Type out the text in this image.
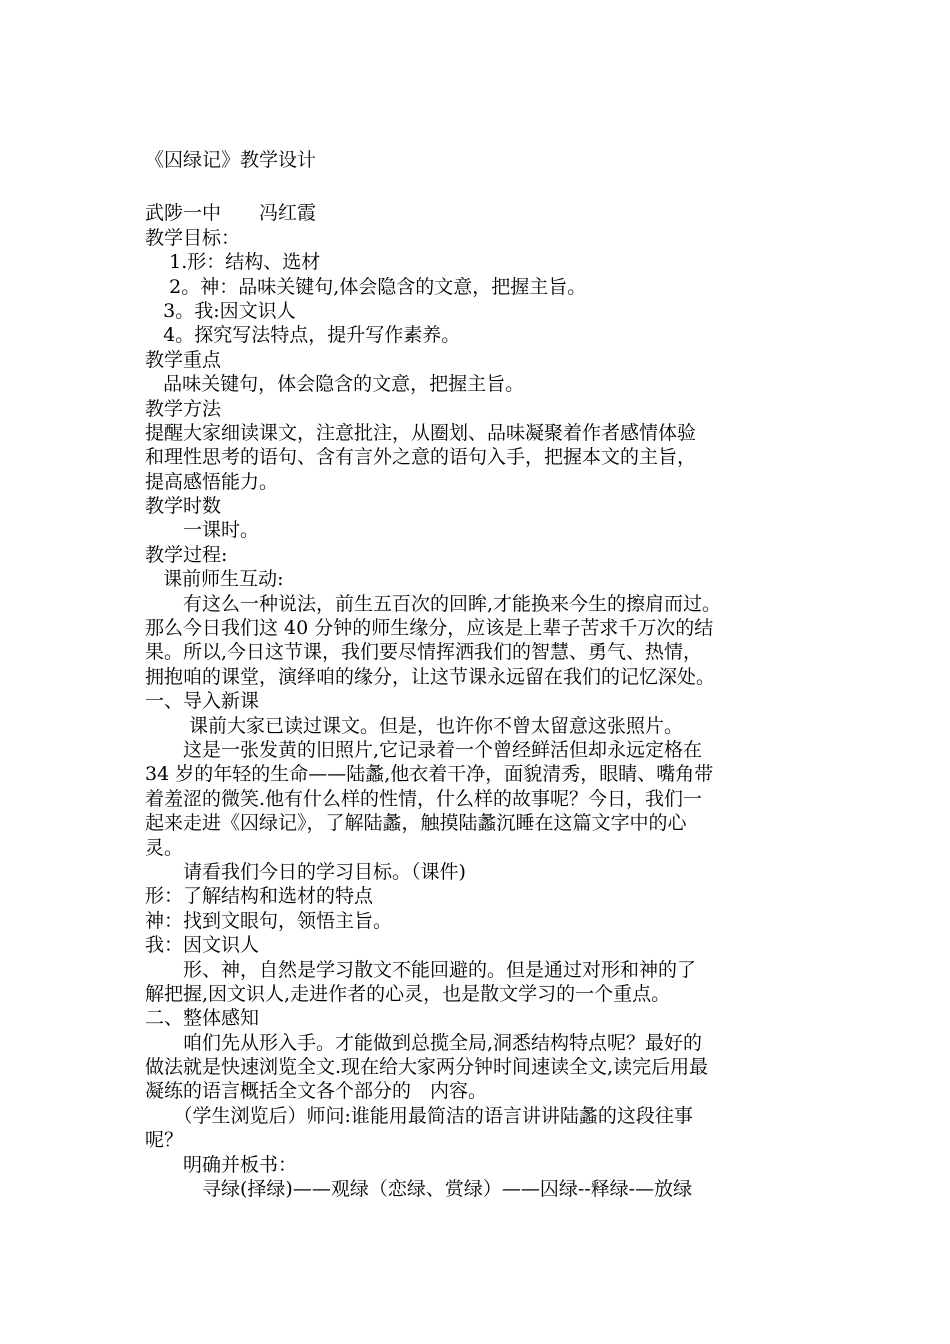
《囚绿记》教学设计
武陟一中　　冯红霞
教学目标：
1.形：结构、选材
2。神：品味关键句,体会隐含的文意，把握主旨。
3。我:因文识人
4。探究写法特点，提升写作素养。
教学重点
品味关键句，体会隐含的文意，把握主旨。
教学方法
提醒大家细读课文，注意批注，从圈划、品味凝聚着作者感情体验
和理性思考的语句、含有言外之意的语句入手，把握本文的主旨，
提高感悟能力。
教学时数
　　一课时。
教学过程:
课前师生互动:
　　有这么一种说法，前生五百次的回眸,才能换来今生的擦肩而过。
那么今日我们这 40 分钟的师生缘分，应该是上辈子苦求千万次的结
果。所以,今日这节课，我们要尽情挥洒我们的智慧、勇气、热情，
拥抱咱的课堂，演绎咱的缘分，让这节课永远留在我们的记忆深处。
一、导入新课
　　 课前大家已读过课文。但是，也许你不曾太留意这张照片。
　　这是一张发黄的旧照片,它记录着一个曾经鲜活但却永远定格在
34 岁的年轻的生命——陆蠡,他衣着干净，面貌清秀，眼睛、嘴角带
着羞涩的微笑.他有什么样的性情，什么样的故事呢？今日，我们一
起来走进《囚绿记》，了解陆蠡，触摸陆蠡沉睡在这篇文字中的心
灵。
　　请看我们今日的学习目标。（课件)
形：了解结构和选材的特点
神：找到文眼句，领悟主旨。
我：因文识人
　　形、神，自然是学习散文不能回避的。但是通过对形和神的了
解把握,因文识人,走进作者的心灵，也是散文学习的一个重点。
二、整体感知
　　咱们先从形入手。才能做到总揽全局,洞悉结构特点呢？最好的
做法就是快速浏览全文.现在给大家两分钟时间速读全文,读完后用最
凝练的语言概括全文各个部分的　内容。
　　（学生浏览后）师问:谁能用最简洁的语言讲讲陆蠡的这段往事
呢？
　　明确并板书：
　　　寻绿(择绿)——观绿（恋绿、赏绿）——囚绿--释绿-—放绿
